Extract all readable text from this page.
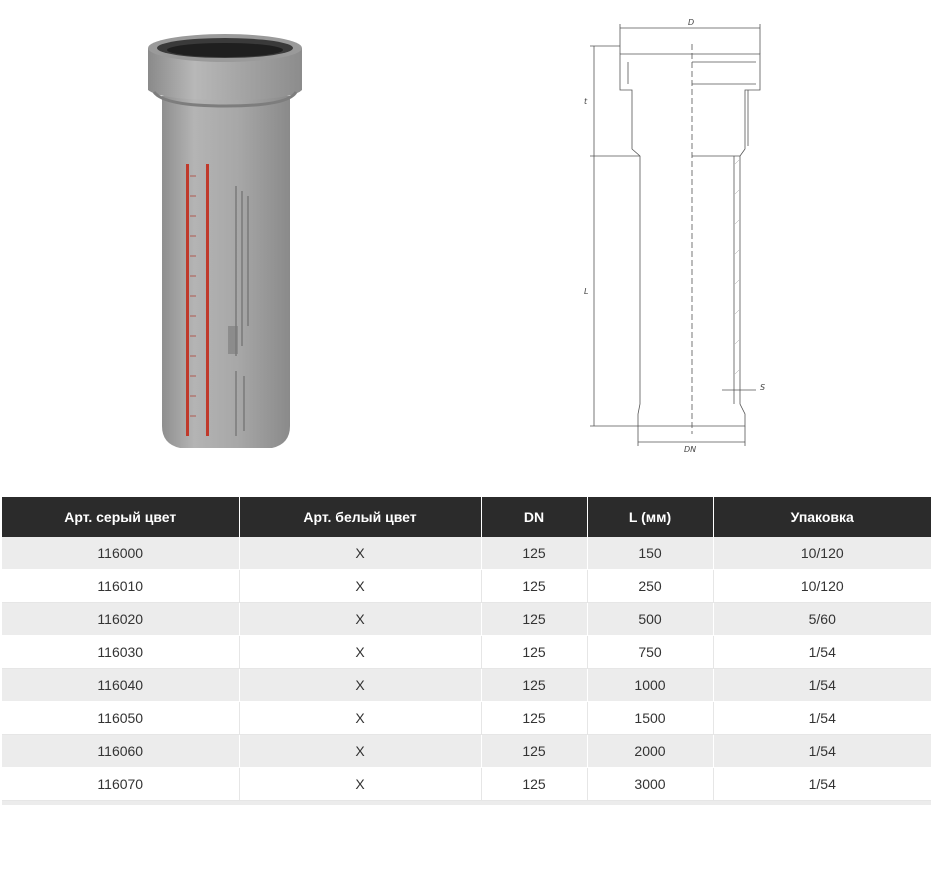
D
t
L
S
DN
Арт. серый цвет	Арт. белый цвет	DN	L (мм)	Упаковка
116000	X	125	150	10/120
116010	X	125	250	10/120
116020	X	125	500	5/60
116030	X	125	750	1/54
116040	X	125	1000	1/54
116050	X	125	1500	1/54
116060	X	125	2000	1/54
116070	X	125	3000	1/54
